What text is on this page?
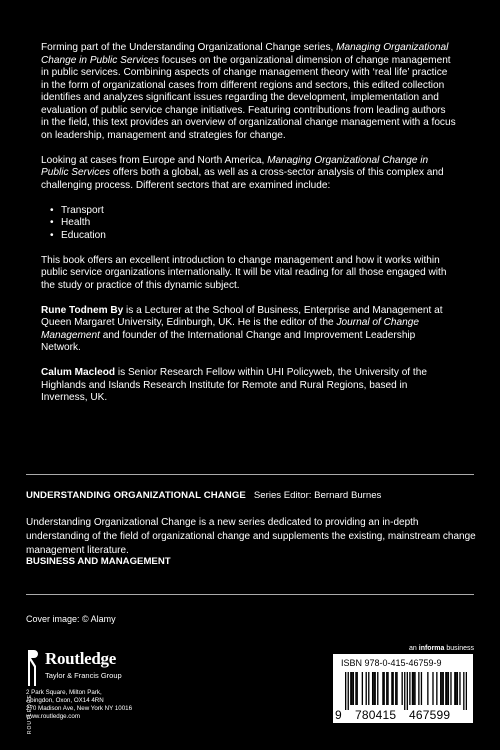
Forming part of the Understanding Organizational Change series, Managing Organizational Change in Public Services focuses on the organizational dimension of change management in public services. Combining aspects of change management theory with ‘real life’ practice in the form of organizational cases from different regions and sectors, this edited collection identifies and analyzes significant issues regarding the development, implementation and evaluation of public service change initiatives. Featuring contributions from leading authors in the field, this text provides an overview of organizational change management with a focus on leadership, management and strategies for change.

Looking at cases from Europe and North America, Managing Organizational Change in Public Services offers both a global, as well as a cross-sector analysis of this complex and challenging process. Different sectors that are examined include:

• Transport
• Health
• Education

This book offers an excellent introduction to change management and how it works within public service organizations internationally. It will be vital reading for all those engaged with the study or practice of this dynamic subject.

Rune Todnem By is a Lecturer at the School of Business, Enterprise and Management at Queen Margaret University, Edinburgh, UK. He is the editor of the Journal of Change Management and founder of the International Change and Improvement Leadership Network.

Calum Macleod is Senior Research Fellow within UHI Policyweb, the University of the Highlands and Islands Research Institute for Remote and Rural Regions, based in Inverness, UK.

UNDERSTANDING ORGANIZATIONAL CHANGE Series Editor: Bernard Burnes
Understanding Organizational Change is a new series dedicated to providing an in-depth understanding of the field of organizational change and supplements the existing, mainstream change management literature.
BUSINESS AND MANAGEMENT
Cover image: © Alamy
ROUTLEDGE
Routledge
Taylor & Francis Group
2 Park Square, Milton Park,
Abingdon, Oxon, OX14 4RN
270 Madison Ave, New York NY 10016
www.routledge.com
an informa business
ISBN 978-0-415-46759-9
9 780415 467599
